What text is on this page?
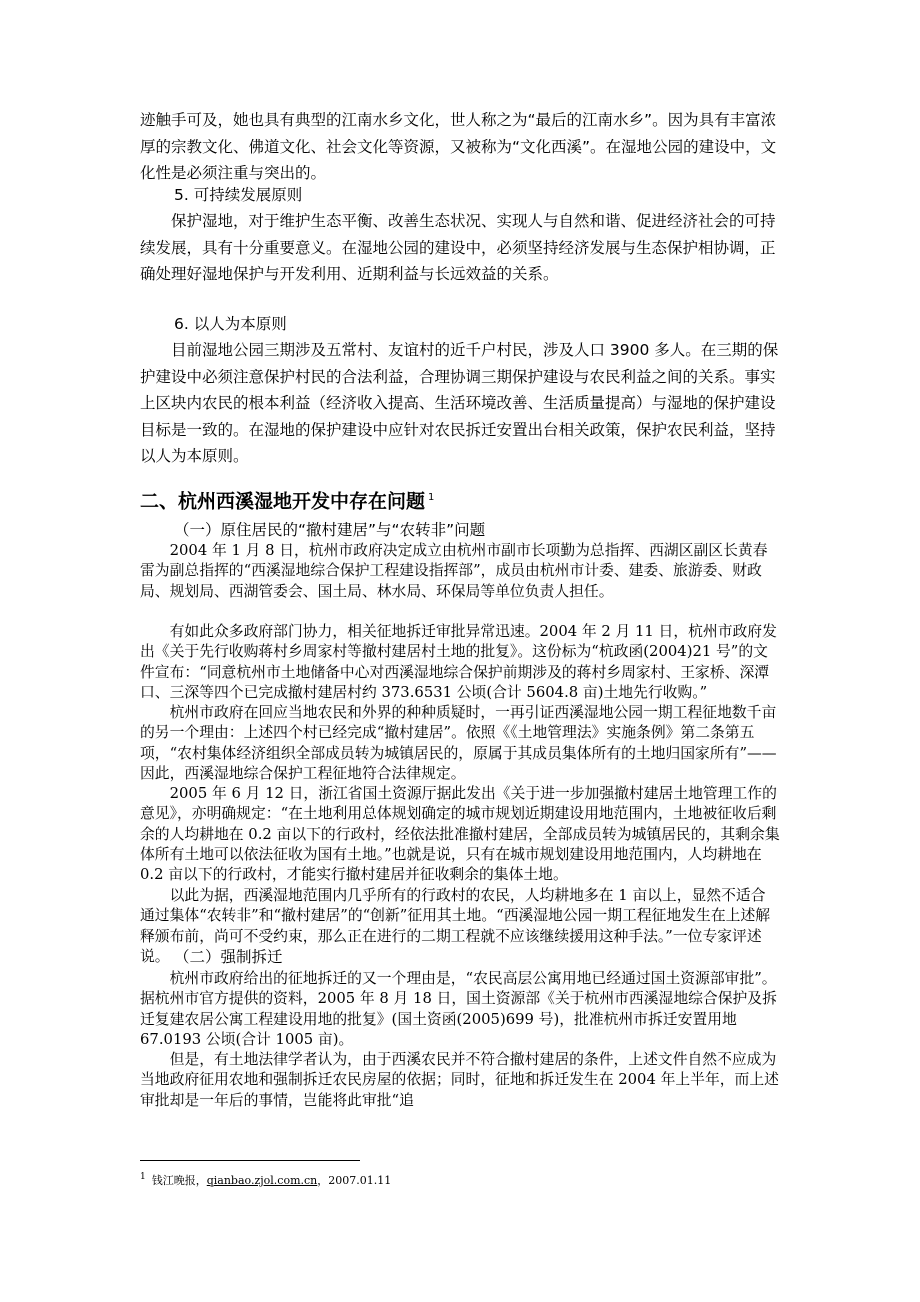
迹触手可及，她也具有典型的江南水乡文化，世人称之为“最后的江南水乡”。因为具有丰富浓厚的宗教文化、佛道文化、社会文化等资源，又被称为“文化西溪”。在湿地公园的建设中，文化性是必须注重与突出的。

5. 可持续发展原则

保护湿地，对于维护生态平衡、改善生态状况、实现人与自然和谐、促进经济社会的可持续发展，具有十分重要意义。在湿地公园的建设中，必须坚持经济发展与生态保护相协调，正确处理好湿地保护与开发利用、近期利益与长远效益的关系。

6. 以人为本原则

目前湿地公园三期涉及五常村、友谊村的近千户村民，涉及人口 3900 多人。在三期的保护建设中必须注意保护村民的合法利益，合理协调三期保护建设与农民利益之间的关系。事实上区块内农民的根本利益（经济收入提高、生活环境改善、生活质量提高）与湿地的保护建设目标是一致的。在湿地的保护建设中应针对农民拆迁安置出台相关政策，保护农民利益，坚持以人为本原则。

二、杭州西溪湿地开发中存在问题 $^1$

（一）原住居民的“撤村建居”与“农转非”问题

2004 年 1 月 8 日，杭州市政府决定成立由杭州市副市长项勤为总指挥、西湖区副区长黄春雷为副总指挥的“西溪湿地综合保护工程建设指挥部”，成员由杭州市计委、建委、旅游委、财政局、规划局、西湖管委会、国土局、林水局、环保局等单位负责人担任。

有如此众多政府部门协力，相关征地拆迁审批异常迅速。2004 年 2 月 11 日，杭州市政府发出《关于先行收购蒋村乡周家村等撤村建居村土地的批复》。这份标为“杭政函(2004)21 号”的文件宣布：“同意杭州市土地储备中心对西溪湿地综合保护前期涉及的蒋村乡周家村、王家桥、深潭口、三深等四个已完成撤村建居村约 373.6531 公顷(合计 5604.8 亩)土地先行收购。”

杭州市政府在回应当地农民和外界的种种质疑时，一再引证西溪湿地公园一期工程征地数千亩的另一个理由：上述四个村已经完成“撤村建居”。依照《《土地管理法》实施条例》第二条第五项，“农村集体经济组织全部成员转为城镇居民的，原属于其成员集体所有的土地归国家所有”——因此，西溪湿地综合保护工程征地符合法律规定。

2005 年 6 月 12 日，浙江省国土资源厅据此发出《关于进一步加强撤村建居土地管理工作的意见》，亦明确规定：“在土地利用总体规划确定的城市规划近期建设用地范围内，土地被征收后剩余的人均耕地在 0.2 亩以下的行政村，经依法批准撤村建居，全部成员转为城镇居民的，其剩余集体所有土地可以依法征收为国有土地。”也就是说，只有在城市规划建设用地范围内，人均耕地在 0.2 亩以下的行政村，才能实行撤村建居并征收剩余的集体土地。

以此为据，西溪湿地范围内几乎所有的行政村的农民，人均耕地多在 1 亩以上，显然不适合通过集体“农转非”和“撤村建居”的“创新”征用其土地。“西溪湿地公园一期工程征地发生在上述解释颁布前，尚可不受约束，那么正在进行的二期工程就不应该继续援用这种手法。”一位专家评述说。 （二）强制拆迁

杭州市政府给出的征地拆迁的又一个理由是，“农民高层公寓用地已经通过国土资源部审批”。据杭州市官方提供的资料，2005 年 8 月 18 日，国土资源部《关于杭州市西溪湿地综合保护及拆迁复建农居公寓工程建设用地的批复》(国土资函(2005)699 号)，批准杭州市拆迁安置用地 67.0193 公顷(合计 1005 亩)。

但是，有土地法律学者认为，由于西溪农民并不符合撤村建居的条件，上述文件自然不应成为当地政府征用农地和强制拆迁农民房屋的依据；同时，征地和拆迁发生在 2004 年上半年，而上述审批却是一年后的事情，岂能将此审批“追

$^1$ 钱江晚报，qianbao.zjol.com.cn，2007.01.11
